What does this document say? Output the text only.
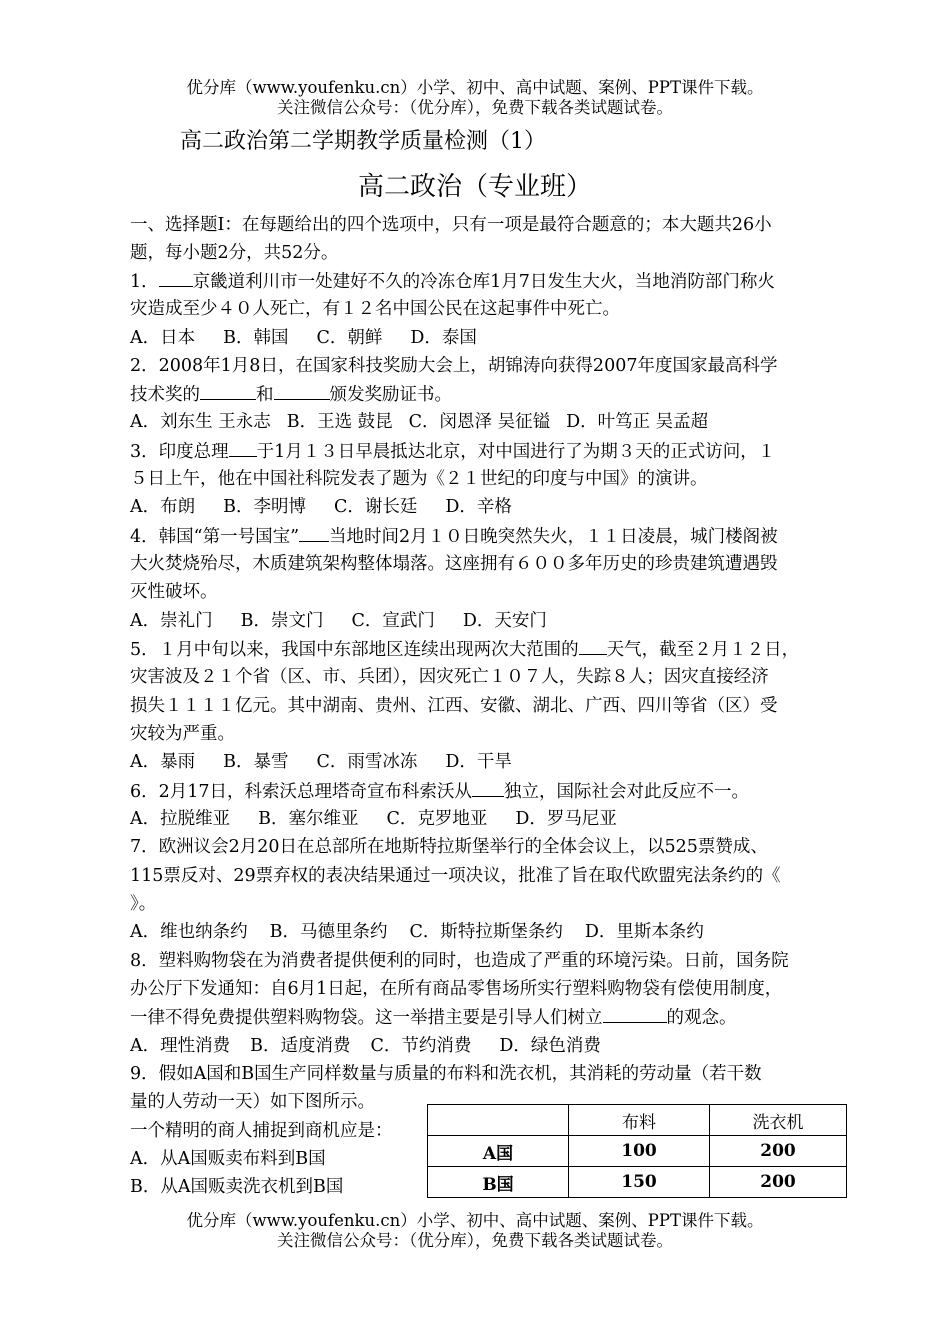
优分库（www.youfenku.cn）小学、初中、高中试题、案例、PPT课件下载。
关注微信公众号：（优分库），免费下载各类试题试卷。
高二政治第二学期教学质量检测（1）
高二政治（专业班）
一、选择题Ⅰ：在每题给出的四个选项中，只有一项是最符合题意的；本大题共26小
题，每小题2分，共52分。
1． 京畿道利川市一处建好不久的冷冻仓库1月7日发生大火，当地消防部门称火
灾造成至少４０人死亡，有１２名中国公民在这起事件中死亡。
A．日本 B．韩国 C．朝鲜 D．泰国
2．2008年1月8日，在国家科技奖励大会上，胡锦涛向获得2007年度国家最高科学
技术奖的	和	颁发奖励证书。
A．刘东生 王永志 B．王选 鼓昆 C．闵恩泽 吴征镒 D．叶笃正 吴孟超
3．印度总理 于1月１３日早晨抵达北京，对中国进行了为期３天的正式访问，１
５日上午，他在中国社科院发表了题为《２１世纪的印度与中国》的演讲。
A．布朗 B．李明博 C．谢长廷 D．辛格
4．韩国“第一号国宝” 当地时间2月１０日晚突然失火，１１日凌晨，城门楼阁被
大火焚烧殆尽，木质建筑架构整体塌落。这座拥有６００多年历史的珍贵建筑遭遇毁
灭性破坏。
A．崇礼门 B．崇文门 C．宣武门 D．天安门
5．１月中旬以来，我国中东部地区连续出现两次大范围的 天气，截至２月１２日，
灾害波及２１个省（区、市、兵团），因灾死亡１０７人，失踪８人；因灾直接经济
损失１１１１亿元。其中湖南、贵州、江西、安徽、湖北、广西、四川等省（区）受
灾较为严重。
A．暴雨 B．暴雪 C．雨雪冰冻 D．干旱
6．2月17日，科索沃总理塔奇宣布科索沃从 独立，国际社会对此反应不一。
A．拉脱维亚 B．塞尔维亚 C．克罗地亚 D．罗马尼亚
7．欧洲议会2月20日在总部所在地斯特拉斯堡举行的全体会议上，以525票赞成、
115票反对、29票弃权的表决结果通过一项决议，批准了旨在取代欧盟宪法条约的《
》。
A．维也纳条约 B．马德里条约 C．斯特拉斯堡条约 D．里斯本条约
8．塑料购物袋在为消费者提供便利的同时，也造成了严重的环境污染。日前，国务院
办公厅下发通知：自6月1日起，在所有商品零售场所实行塑料购物袋有偿使用制度，
一律不得免费提供塑料购物袋。这一举措主要是引导人们树立	的观念。
A．理性消费 B．适度消费 C．节约消费 D．绿色消费
9．假如A国和B国生产同样数量与质量的布料和洗衣机，其消耗的劳动量（若干数
量的人劳动一天）如下图所示。
一个精明的商人捕捉到商机应是：
A．从A国贩卖布料到B国
B．从A国贩卖洗衣机到B国
	布料	洗衣机
A国	100	200
B国	150	200
优分库（www.youfenku.cn）小学、初中、高中试题、案例、PPT课件下载。
关注微信公众号：（优分库），免费下载各类试题试卷。
